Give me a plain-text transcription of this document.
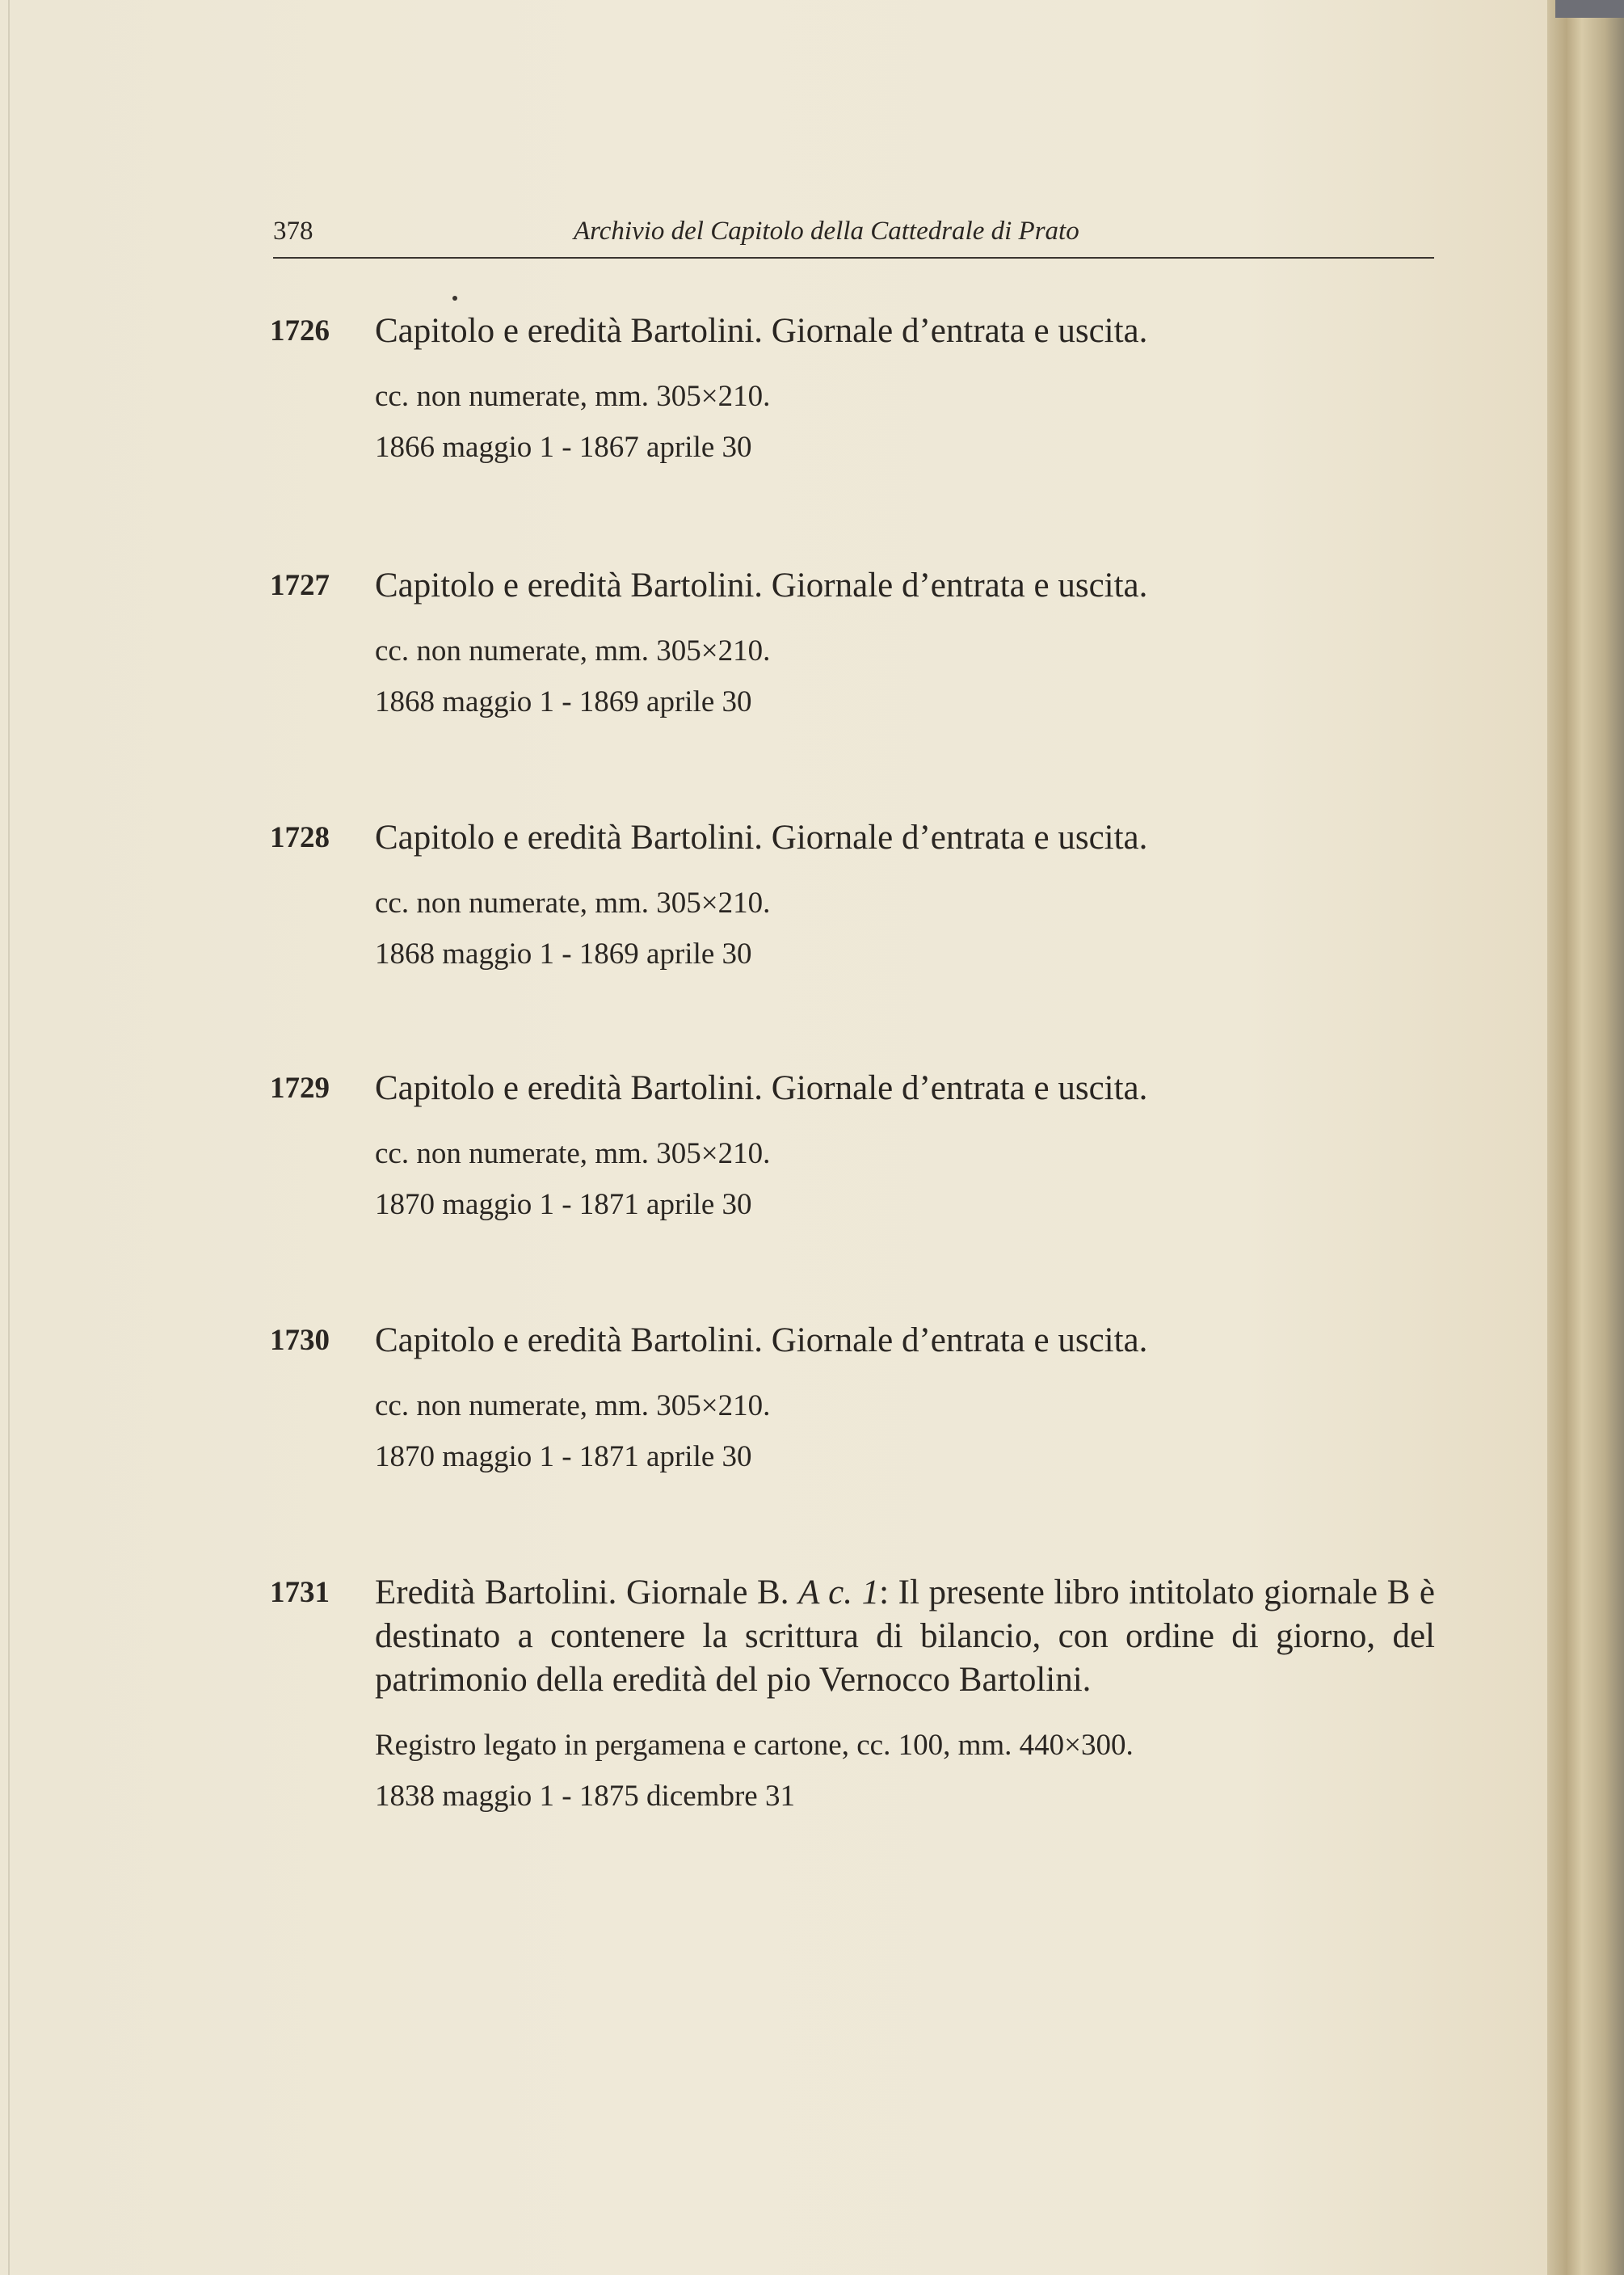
378	Archivio del Capitolo della Cattedrale di Prato
1726 Capitolo e eredità Bartolini. Giornale d’entrata e uscita.

cc. non numerate, mm. 305×210.

1866 maggio 1 - 1867 aprile 30

1727 Capitolo e eredità Bartolini. Giornale d’entrata e uscita.

cc. non numerate, mm. 305×210.

1868 maggio 1 - 1869 aprile 30

1728 Capitolo e eredità Bartolini. Giornale d’entrata e uscita.

cc. non numerate, mm. 305×210.

1868 maggio 1 - 1869 aprile 30

1729 Capitolo e eredità Bartolini. Giornale d’entrata e uscita.

cc. non numerate, mm. 305×210.

1870 maggio 1 - 1871 aprile 30

1730 Capitolo e eredità Bartolini. Giornale d’entrata e uscita.

cc. non numerate, mm. 305×210.

1870 maggio 1 - 1871 aprile 30

1731 Eredità Bartolini. Giornale B. A c. 1: Il presente libro intitolato giornale B è destinato a contenere la scrittura di bilancio, con ordine di giorno, del patrimonio della eredità del pio Vernocco Bartolini.

Registro legato in pergamena e cartone, cc. 100, mm. 440×300.

1838 maggio 1 - 1875 dicembre 31
